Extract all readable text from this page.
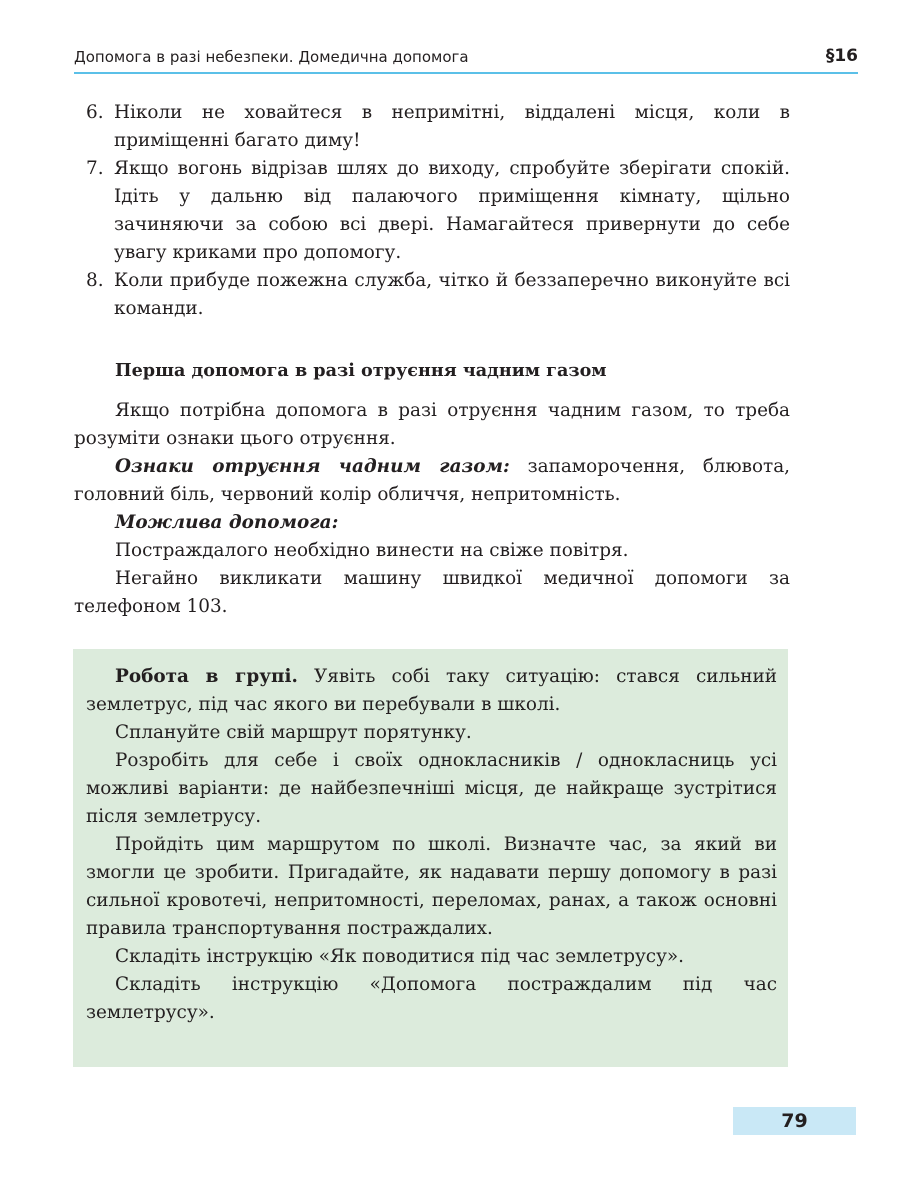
Допомога в разі небезпеки. Домедична допомога	§16
6. Ніколи не ховайтеся в непримітні, віддалені місця, коли в приміщенні багато диму!
7. Якщо вогонь відрізав шлях до виходу, спробуйте зберігати спокій. Ідіть у дальню від палаючого приміщення кімнату, щільно зачиняючи за собою всі двері. Намагайтеся привернути до себе увагу криками про допомогу.
8. Коли прибуде пожежна служба, чітко й беззаперечно виконуйте всі команди.
Перша допомога в разі отруєння чадним газом

Якщо потрібна допомога в разі отруєння чадним газом, то треба розуміти ознаки цього отруєння.

Ознаки отруєння чадним газом: запаморочення, блювота, головний біль, червоний колір обличчя, непритомність.

Можлива допомога:

Постраждалого необхідно винести на свіже повітря.

Негайно викликати машину швидкої медичної допомоги за телефоном 103.

Робота в групі. Уявіть собі таку ситуацію: стався сильний землетрус, під час якого ви перебували в школі.

Сплануйте свій маршрут порятунку.

Розробіть для себе і своїх однокласників / однокласниць усі можливі варіанти: де найбезпечніші місця, де найкраще зустрітися після землетрусу.

Пройдіть цим маршрутом по школі. Визначте час, за який ви змогли це зробити. Пригадайте, як надавати першу допомогу в разі сильної кровотечі, непритомності, переломах, ранах, а також основні правила транспортування постраждалих.

Складіть інструкцію «Як поводитися під час землетрусу».

Складіть інструкцію «Допомога постраждалим під час землетрусу».

79
